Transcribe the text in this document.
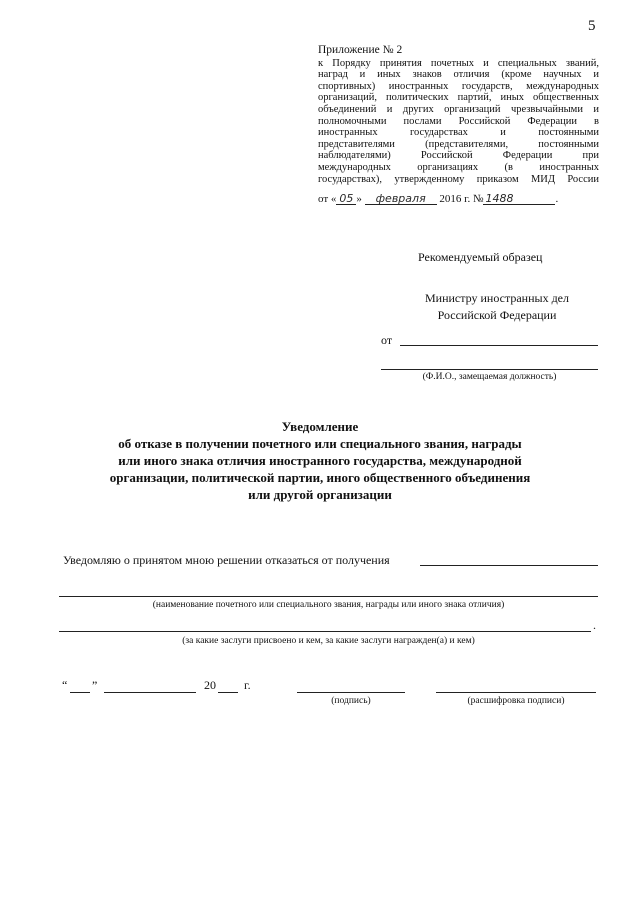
5
Приложение № 2
к Порядку принятия почетных и специальных званий,
наград и иных знаков отличия (кроме научных и
спортивных) иностранных государств, международных
организаций, политических партий, иных общественных
объединений и других организаций чрезвычайными и
полномочными послами Российской Федерации в
иностранных государствах и постоянными
представителями (представителями, постоянными
наблюдателями) Российской Федерации при
международных организациях (в иностранных
государствах), утвержденному приказом МИД России
от « 05 » февраля 2016 г. № 1488	.
Рекомендуемый образец
Министру иностранных дел
Российской Федерации
от
(Ф.И.О., замещаемая должность)
Уведомление
об отказе в получении почетного или специального звания, награды
или иного знака отличия иностранного государства, международной
организации, политической партии, иного общественного объединения
или другой организации
Уведомляю о принятом мною решении отказаться от получения
(наименование почетного или специального звания, награды или иного знака отличия)
.
(за какие заслуги присвоено и кем, за какие заслуги награжден(а) и кем)
“ ”	20 г.
(подпись)	(расшифровка подписи)
